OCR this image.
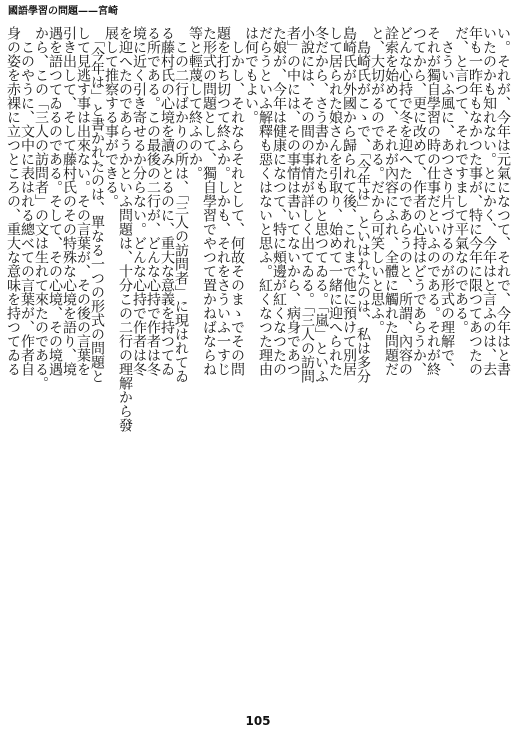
國語學習の問題——宮崎
い。それが、今年は元氣になつて、それで、今年はと書
いたのかも知れない。とにかく、今年はと言ふのは、去
年も一昨年もなかつた事が、特に今年に限つてあつたの
だ、と言つて、それですまして平氣なのである。
　さういふ風に、あつさり片づけるのが形式の理解で、
それが獨自學習の時の仕事だといふのである。それが終
つてから、更に改めて、作者の心持はどうであらうか、
どんな心持で冬を迎へたのであらうのと、所謂、內容の
詮索を始めて、それが內容にふれ、全體に觸れた問題だ
と、大切がるのである。だから可笑しいと思ふ。
　島崎氏がこゝで、「今年は」といはれたのは、私は多分
島崎氏が外國から歸られて後、これまで他に預けて別居
して居られた娘さんを引取り、始めて一緒に迎へられた
冬だから、さう書かれたものと思つてゐる。「嵐」といふ
小說には、その間の事情が詳しく出てゐる。「三人の訪問
者」の中には、その事情は書いてないから、病身であつ
た娘が、今年は健康になつて、特に頰邊が紅くなつたの
だらうといふ解釋も惡くはないと思ふ。紅くなつた理由
は何でもよい。
　しかし、それならそれとして、何故そのまゝでその問
題を打ち切つて終ふか。しかも、それをさういふ一すじ
た形式の問題として、獨自學習でやつて置かねばならね
等と輕蔑して終ふのか。
　この二行ばかりの所は、「三人の訪問者」に現はれてゐ
る藤村氏の心境を讀みとるのに、重大な意義を持つてゐ
る所である。この最後の二行が、どんな心持で作者は冬
境に近く引き寄せるか分らない。どんな心持で作者は冬
を迎へたのであらうかといふ問題は、十分この二行の理解から發
展して推察する事ができる。
　「今年は」と書かれたのは、單なる一つの形式の問題と
して見逃す事は出來ない。その言葉が、その後の言葉を
引き出して、そして藤村氏のその特殊な心境を語り、境
遇を語つてゐるのである。そして、その心境、その境遇
から、この「三人の訪問者」の文は生れて來たのである。
　このやうに、文中に表はれる總べての言葉が、作者自
身の姿を赤裸に立つところの、重大な意味を持つてゐる
105
